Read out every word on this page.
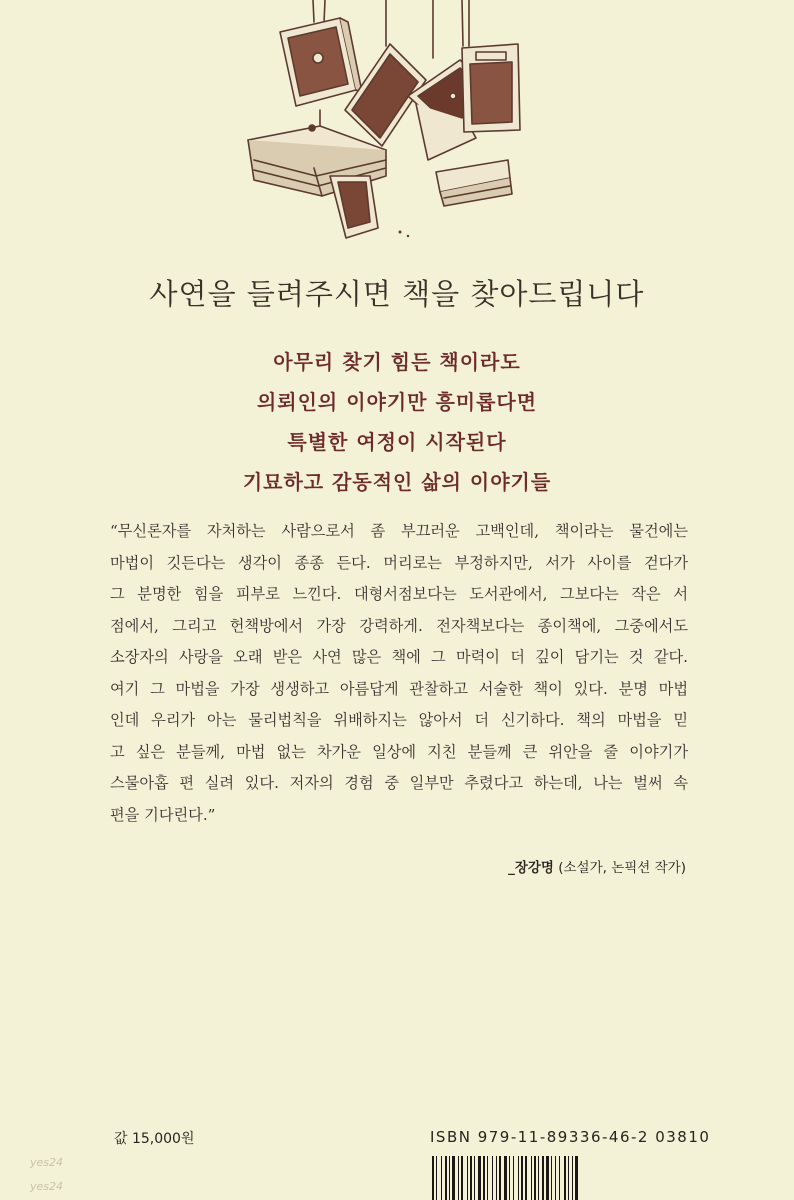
사연을 들려주시면 책을 찾아드립니다
아무리 찾기 힘든 책이라도
의뢰인의 이야기만 흥미롭다면
특별한 여정이 시작된다
기묘하고 감동적인 삶의 이야기들
“무신론자를 자처하는 사람으로서 좀 부끄러운 고백인데, 책이라는 물건에는
마법이 깃든다는 생각이 종종 든다. 머리로는 부정하지만, 서가 사이를 걷다가
그 분명한 힘을 피부로 느낀다. 대형서점보다는 도서관에서, 그보다는 작은 서
점에서, 그리고 헌책방에서 가장 강력하게. 전자책보다는 종이책에, 그중에서도
소장자의 사랑을 오래 받은 사연 많은 책에 그 마력이 더 깊이 담기는 것 같다.
여기 그 마법을 가장 생생하고 아름답게 관찰하고 서술한 책이 있다. 분명 마법
인데 우리가 아는 물리법칙을 위배하지는 않아서 더 신기하다. 책의 마법을 믿
고 싶은 분들께, 마법 없는 차가운 일상에 지친 분들께 큰 위안을 줄 이야기가
스물아홉 편 실려 있다. 저자의 경험 중 일부만 추렸다고 하는데, 나는 벌써 속
편을 기다린다.”
_장강명 (소설가, 논픽션 작가)
yes24
yes24
값 15,000원	ISBN 979-11-89336-46-2 03810
